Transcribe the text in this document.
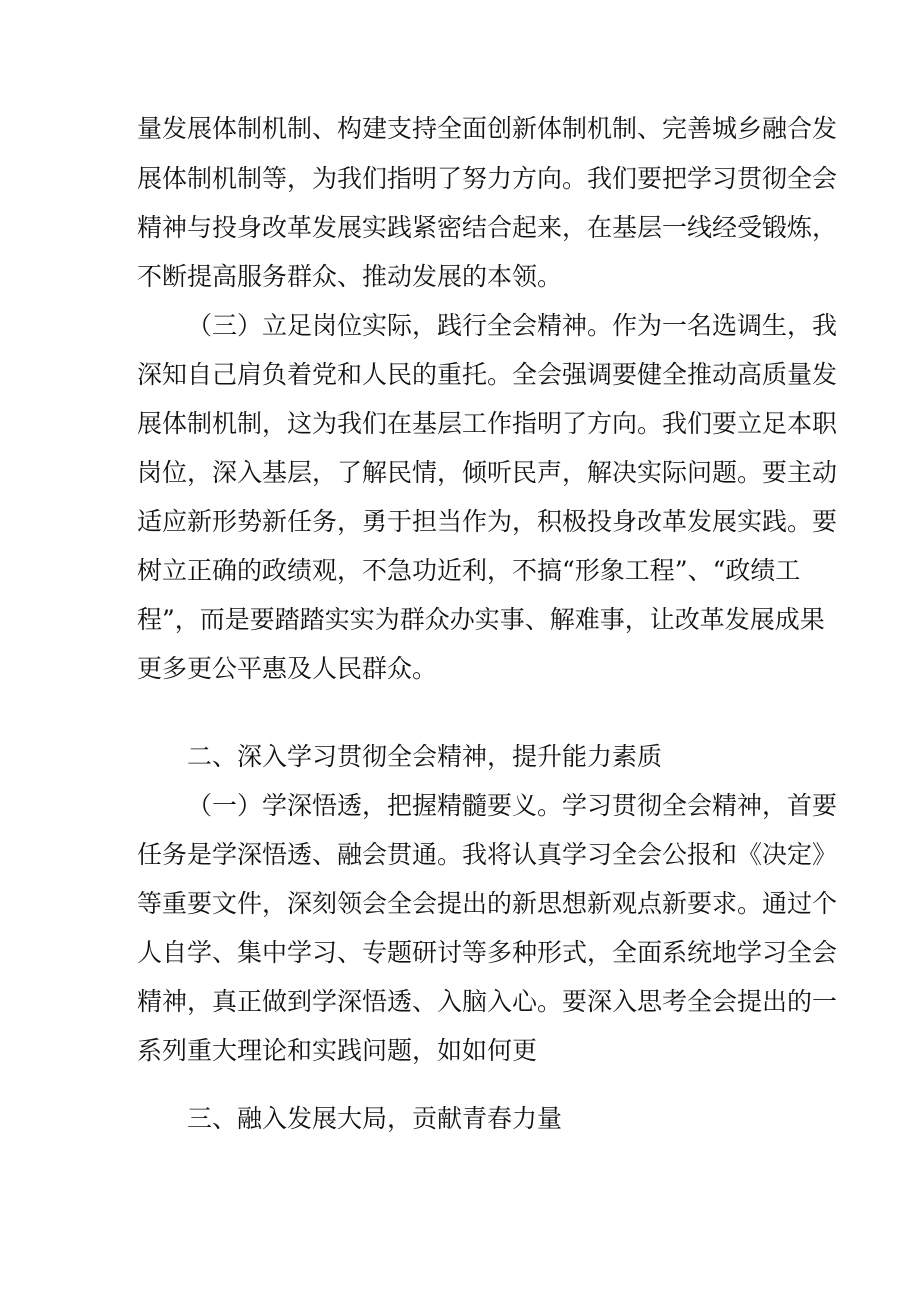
量发展体制机制、构建支持全面创新体制机制、完善城乡融合发
展体制机制等，为我们指明了努力方向。我们要把学习贯彻全会
精神与投身改革发展实践紧密结合起来，在基层一线经受锻炼，
不断提高服务群众、推动发展的本领。
（三）立足岗位实际，践行全会精神。作为一名选调生，我
深知自己肩负着党和人民的重托。全会强调要健全推动高质量发
展体制机制，这为我们在基层工作指明了方向。我们要立足本职
岗位，深入基层，了解民情，倾听民声，解决实际问题。要主动
适应新形势新任务，勇于担当作为，积极投身改革发展实践。要
树立正确的政绩观，不急功近利，不搞“形象工程”、“政绩工
程”，而是要踏踏实实为群众办实事、解难事，让改革发展成果
更多更公平惠及人民群众。
二、深入学习贯彻全会精神，提升能力素质
（一）学深悟透，把握精髓要义。学习贯彻全会精神，首要
任务是学深悟透、融会贯通。我将认真学习全会公报和《决定》
等重要文件，深刻领会全会提出的新思想新观点新要求。通过个
人自学、集中学习、专题研讨等多种形式，全面系统地学习全会
精神，真正做到学深悟透、入脑入心。要深入思考全会提出的一
系列重大理论和实践问题，如如何更
三、融入发展大局，贡献青春力量
